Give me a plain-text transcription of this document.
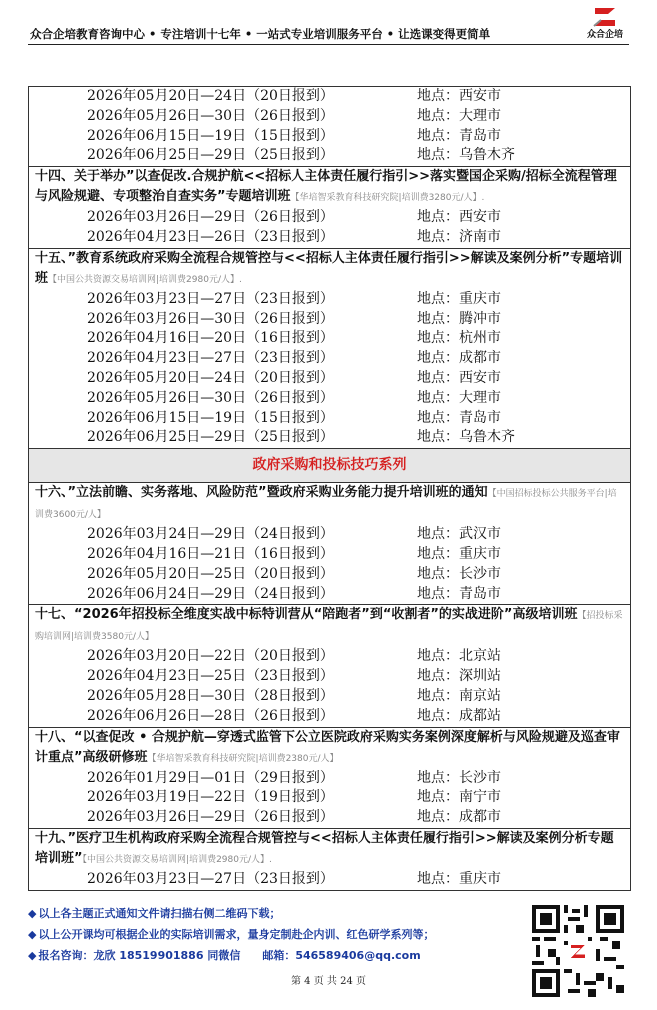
众合企培教育咨询中心 • 专注培训十七年 • 一站式专业培训服务平台 • 让选课变得更简单	众合企培
2026年05月20日—24日（20日报到）	地点：西安市
2026年05月26日—30日（26日报到）	地点：大理市
2026年06月15日—19日（15日报到）	地点：青岛市
2026年06月25日—29日（25日报到）	地点：乌鲁木齐
十四、关于举办”以查促改.合规护航<<招标人主体责任履行指引>>落实暨国企采购/招标全流程管理与风险规避、专项整治自查实务”专题培训班【华培智采教育科技研究院|培训费3280元/人】.
2026年03月26日—29日（26日报到）	地点：西安市
2026年04月23日—26日（23日报到）	地点：济南市
十五、”教育系统政府采购全流程合规管控与<<招标人主体责任履行指引>>解读及案例分析”专题培训班【中国公共资源交易培训网|培训费2980元/人】.
2026年03月23日—27日（23日报到）	地点：重庆市
2026年03月26日—30日（26日报到）	地点：腾冲市
2026年04月16日—20日（16日报到）	地点：杭州市
2026年04月23日—27日（23日报到）	地点：成都市
2026年05月20日—24日（20日报到）	地点：西安市
2026年05月26日—30日（26日报到）	地点：大理市
2026年06月15日—19日（15日报到）	地点：青岛市
2026年06月25日—29日（25日报到）	地点：乌鲁木齐
政府采购和投标技巧系列
十六、”立法前瞻、实务落地、风险防范”暨政府采购业务能力提升培训班的通知【中国招标投标公共服务平台|培训费3600元/人】
2026年03月24日—29日（24日报到）	地点：武汉市
2026年04月16日—21日（16日报到）	地点：重庆市
2026年05月20日—25日（20日报到）	地点：长沙市
2026年06月24日—29日（24日报到）	地点：青岛市
十七、“2026年招投标全维度实战中标特训营从“陪跑者”到“收割者”的实战进阶”高级培训班【招投标采购培训网|培训费3580元/人】
2026年03月20日—22日（20日报到）	地点：北京站
2026年04月23日—25日（23日报到）	地点：深圳站
2026年05月28日—30日（28日报到）	地点：南京站
2026年06月26日—28日（26日报到）	地点：成都站
十八、“以查促改 • 合规护航—穿透式监管下公立医院政府采购实务案例深度解析与风险规避及巡查审计重点”高级研修班【华培智采教育科技研究院|培训费2380元/人】
2026年01月29日—01日（29日报到）	地点：长沙市
2026年03月19日—22日（19日报到）	地点：南宁市
2026年03月26日—29日（26日报到）	地点：成都市
十九、”医疗卫生机构政府采购全流程合规管控与<<招标人主体责任履行指引>>解读及案例分析专题培训班”【中国公共资源交易培训网|培训费2980元/人】.
2026年03月23日—27日（23日报到）	地点：重庆市
◆ 以上各主题正式通知文件请扫描右侧二维码下载；
◆ 以上公开课均可根据企业的实际培训需求，量身定制赴企内训、红色研学系列等；
◆ 报名咨询：龙欣 18519901886 同微信　　邮箱：546589406@qq.com
第 4 页 共 24 页
